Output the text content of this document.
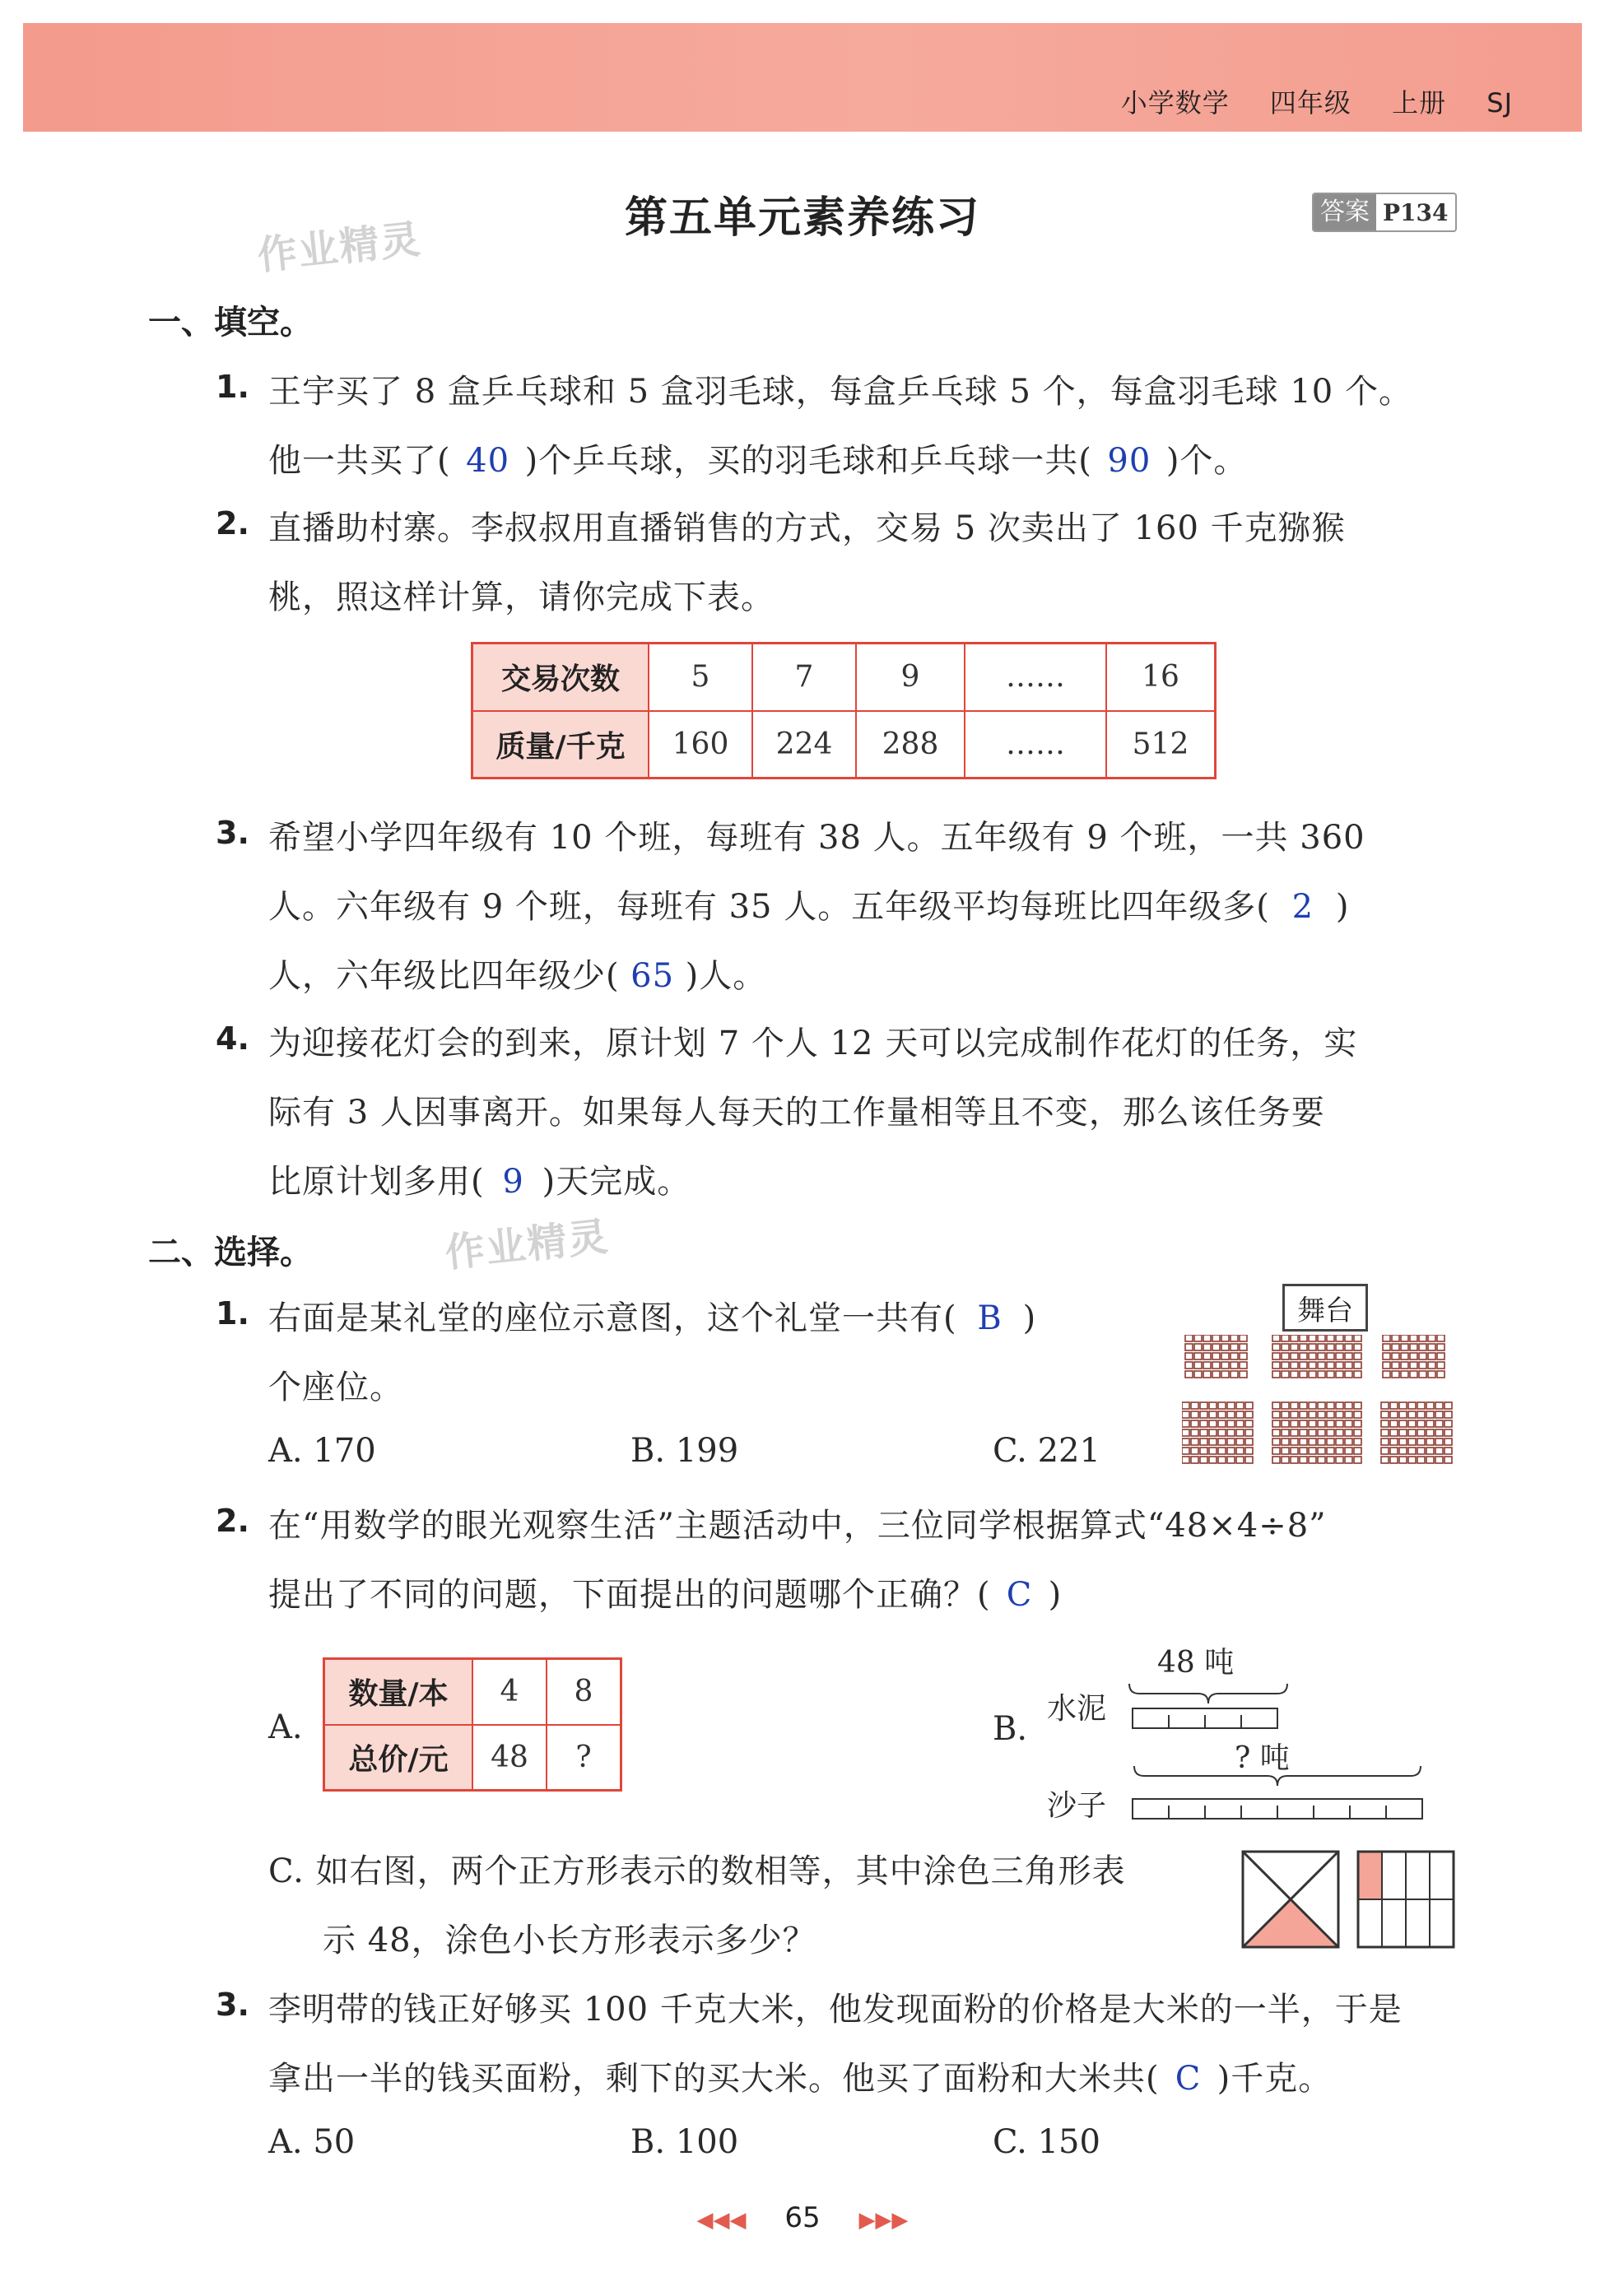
小学数学 四年级 上册 SJ
第五单元素养练习	答案 P134
作业精灵
作业精灵
一、填空。
1. 王宇买了 8 盒乒乓球和 5 盒羽毛球，每盒乒乓球 5 个，每盒羽毛球 10 个。
他一共买了( 40 )个乒乓球，买的羽毛球和乒乓球一共( 90 )个。
2. 直播助村寨。李叔叔用直播销售的方式，交易 5 次卖出了 160 千克猕猴
桃，照这样计算，请你完成下表。
交易次数	5	7	9	……	16
质量/千克	160	224	288	……	512
3. 希望小学四年级有 10 个班，每班有 38 人。五年级有 9 个班，一共 360
人。六年级有 9 个班，每班有 35 人。五年级平均每班比四年级多( 2 )
人，六年级比四年级少( 65 )人。
4. 为迎接花灯会的到来，原计划 7 个人 12 天可以完成制作花灯的任务，实
际有 3 人因事离开。如果每人每天的工作量相等且不变，那么该任务要
比原计划多用( 9 )天完成。
二、选择。
1. 右面是某礼堂的座位示意图，这个礼堂一共有( B )
个座位。
A. 170	B. 199	C. 221
舞台
2. 在“用数学的眼光观察生活”主题活动中，三位同学根据算式“48×4÷8”
提出了不同的问题，下面提出的问题哪个正确？( C )
A.
数量/本	4	8
总价/元	48	?
B.
48 吨
水泥
? 吨
沙子
C. 如右图，两个正方形表示的数相等，其中涂色三角形表
示 48，涂色小长方形表示多少？
3. 李明带的钱正好够买 100 千克大米，他发现面粉的价格是大米的一半，于是
拿出一半的钱买面粉，剩下的买大米。他买了面粉和大米共( C )千克。
A. 50	B. 100	C. 150
◀◀◀ 65 ▶▶▶
